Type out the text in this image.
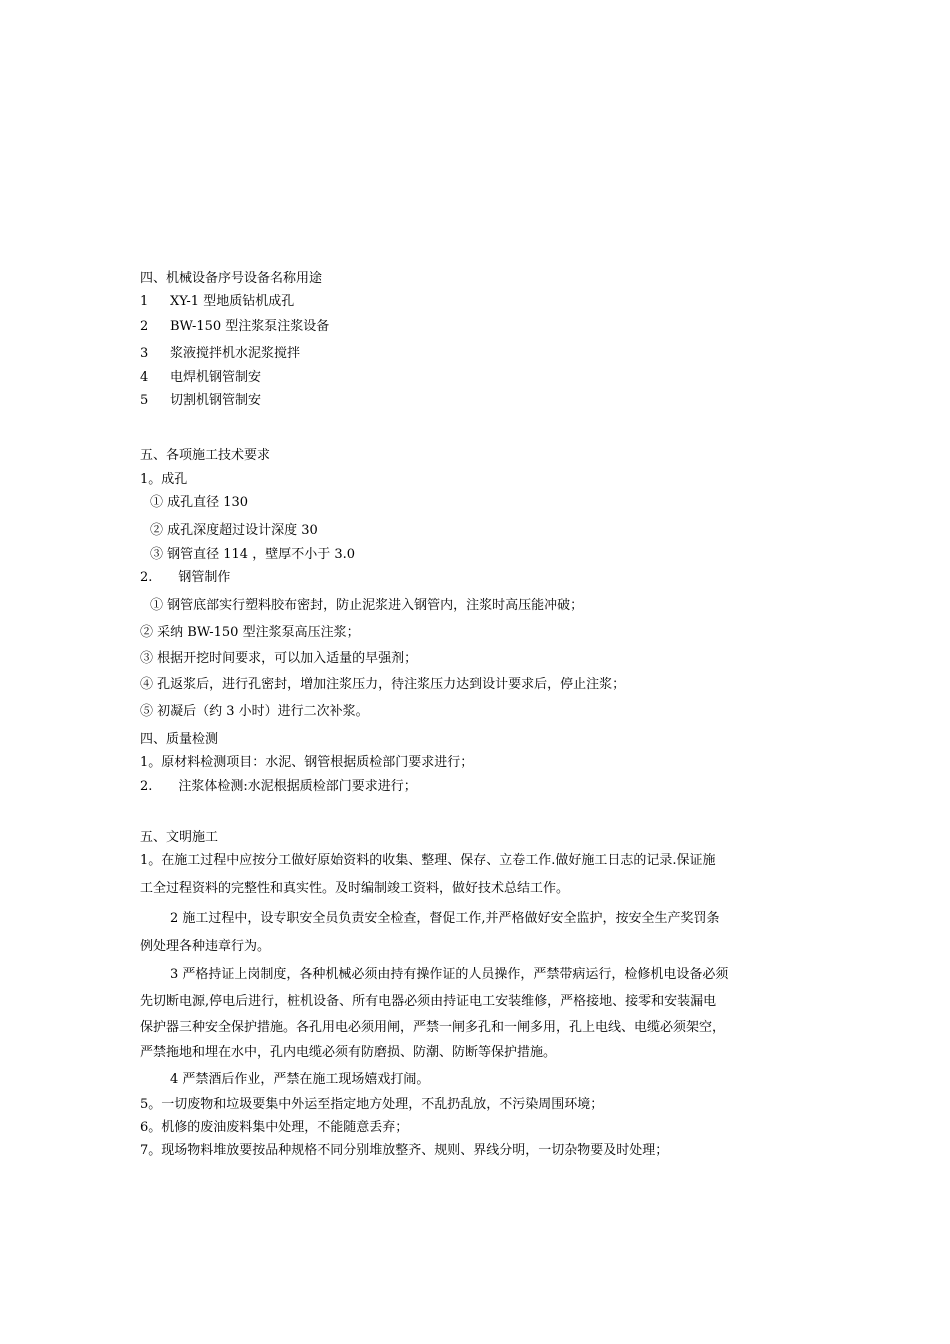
四、机械设备序号设备名称用途
1 XY-1 型地质钻机成孔
2 BW-150 型注浆泵注浆设备
3 浆液搅拌机水泥浆搅拌
4 电焊机钢管制安
5 切割机钢管制安
五、各项施工技术要求
1。成孔
① 成孔直径 130
② 成孔深度超过设计深度 30
③ 钢管直径 114 ，壁厚不小于 3.0
2. 钢管制作
① 钢管底部实行塑料胶布密封，防止泥浆进入钢管内，注浆时高压能冲破；
② 采纳 BW-150 型注浆泵高压注浆；
③ 根据开挖时间要求，可以加入适量的早强剂；
④ 孔返浆后，进行孔密封，增加注浆压力，待注浆压力达到设计要求后，停止注浆；
⑤ 初凝后（约 3 小时）进行二次补浆。
四、质量检测
1。原材料检测项目：水泥、钢管根据质检部门要求进行；
2. 注浆体检测:水泥根据质检部门要求进行；
五、文明施工
1。在施工过程中应按分工做好原始资料的收集、整理、保存、立卷工作.做好施工日志的记录.保证施
工全过程资料的完整性和真实性。及时编制竣工资料，做好技术总结工作。
2 施工过程中，设专职安全员负责安全检查，督促工作,并严格做好安全监护，按安全生产奖罚条
例处理各种违章行为。
3 严格持证上岗制度，各种机械必须由持有操作证的人员操作，严禁带病运行，检修机电设备必须
先切断电源,停电后进行，桩机设备、所有电器必须由持证电工安装维修，严格接地、接零和安装漏电
保护器三种安全保护措施。各孔用电必须用闸，严禁一闸多孔和一闸多用，孔上电线、电缆必须架空，
严禁拖地和埋在水中，孔内电缆必须有防磨损、防潮、防断等保护措施。
4 严禁酒后作业，严禁在施工现场嬉戏打闹。
5。一切废物和垃圾要集中外运至指定地方处理，不乱扔乱放，不污染周围环境；
6。机修的废油废料集中处理，不能随意丢弃；
7。现场物料堆放要按品种规格不同分别堆放整齐、规则、界线分明，一切杂物要及时处理；
